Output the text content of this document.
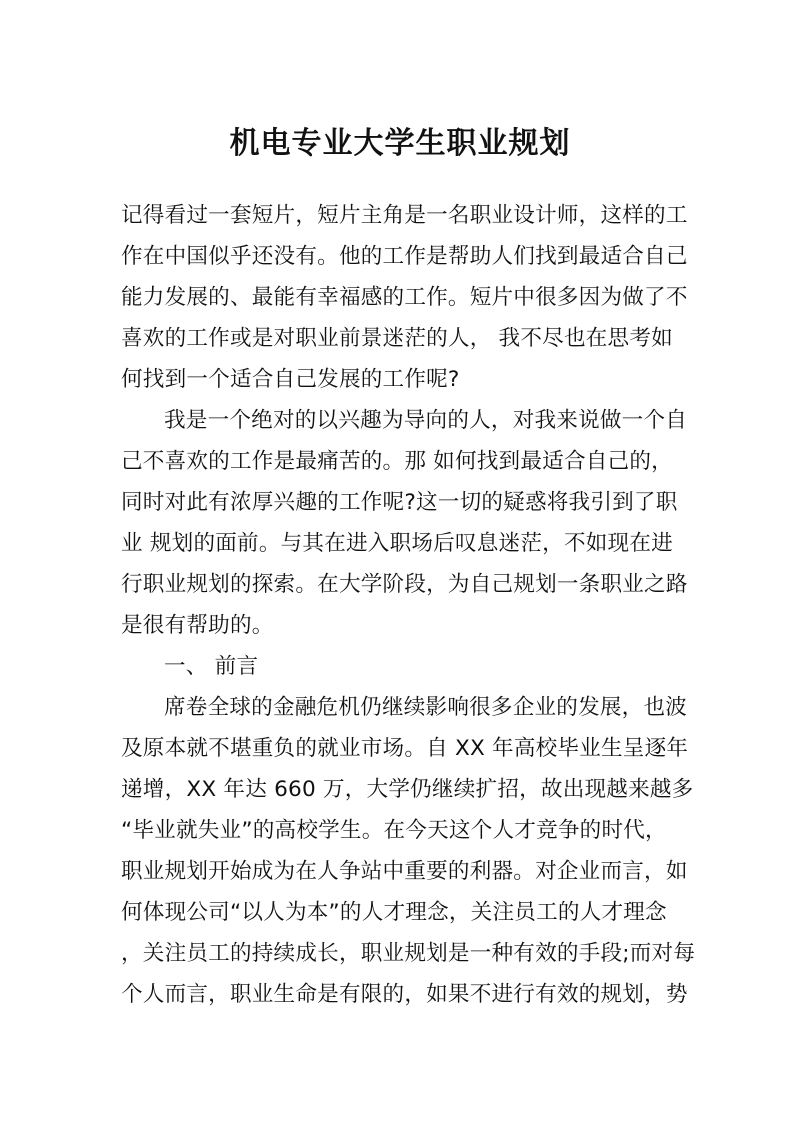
机电专业大学生职业规划
记得看过一套短片，短片主角是一名职业设计师，这样的工
作在中国似乎还没有。他的工作是帮助人们找到最适合自己
能力发展的、最能有幸福感的工作。短片中很多因为做了不
喜欢的工作或是对职业前景迷茫的人， 我不尽也在思考如
何找到一个适合自己发展的工作呢?
我是一个绝对的以兴趣为导向的人，对我来说做一个自
己不喜欢的工作是最痛苦的。那 如何找到最适合自己的，
同时对此有浓厚兴趣的工作呢?这一切的疑惑将我引到了职
业 规划的面前。与其在进入职场后叹息迷茫，不如现在进
行职业规划的探索。在大学阶段，为自己规划一条职业之路
是很有帮助的。
一、 前言
席卷全球的金融危机仍继续影响很多企业的发展，也波
及原本就不堪重负的就业市场。自 XX 年高校毕业生呈逐年
递增，XX 年达 660 万，大学仍继续扩招，故出现越来越多
“毕业就失业”的高校学生。在今天这个人才竞争的时代，
职业规划开始成为在人争站中重要的利器。对企业而言，如
何体现公司“以人为本”的人才理念，关注员工的人才理念
，关注员工的持续成长，职业规划是一种有效的手段;而对每
个人而言，职业生命是有限的，如果不进行有效的规划，势
